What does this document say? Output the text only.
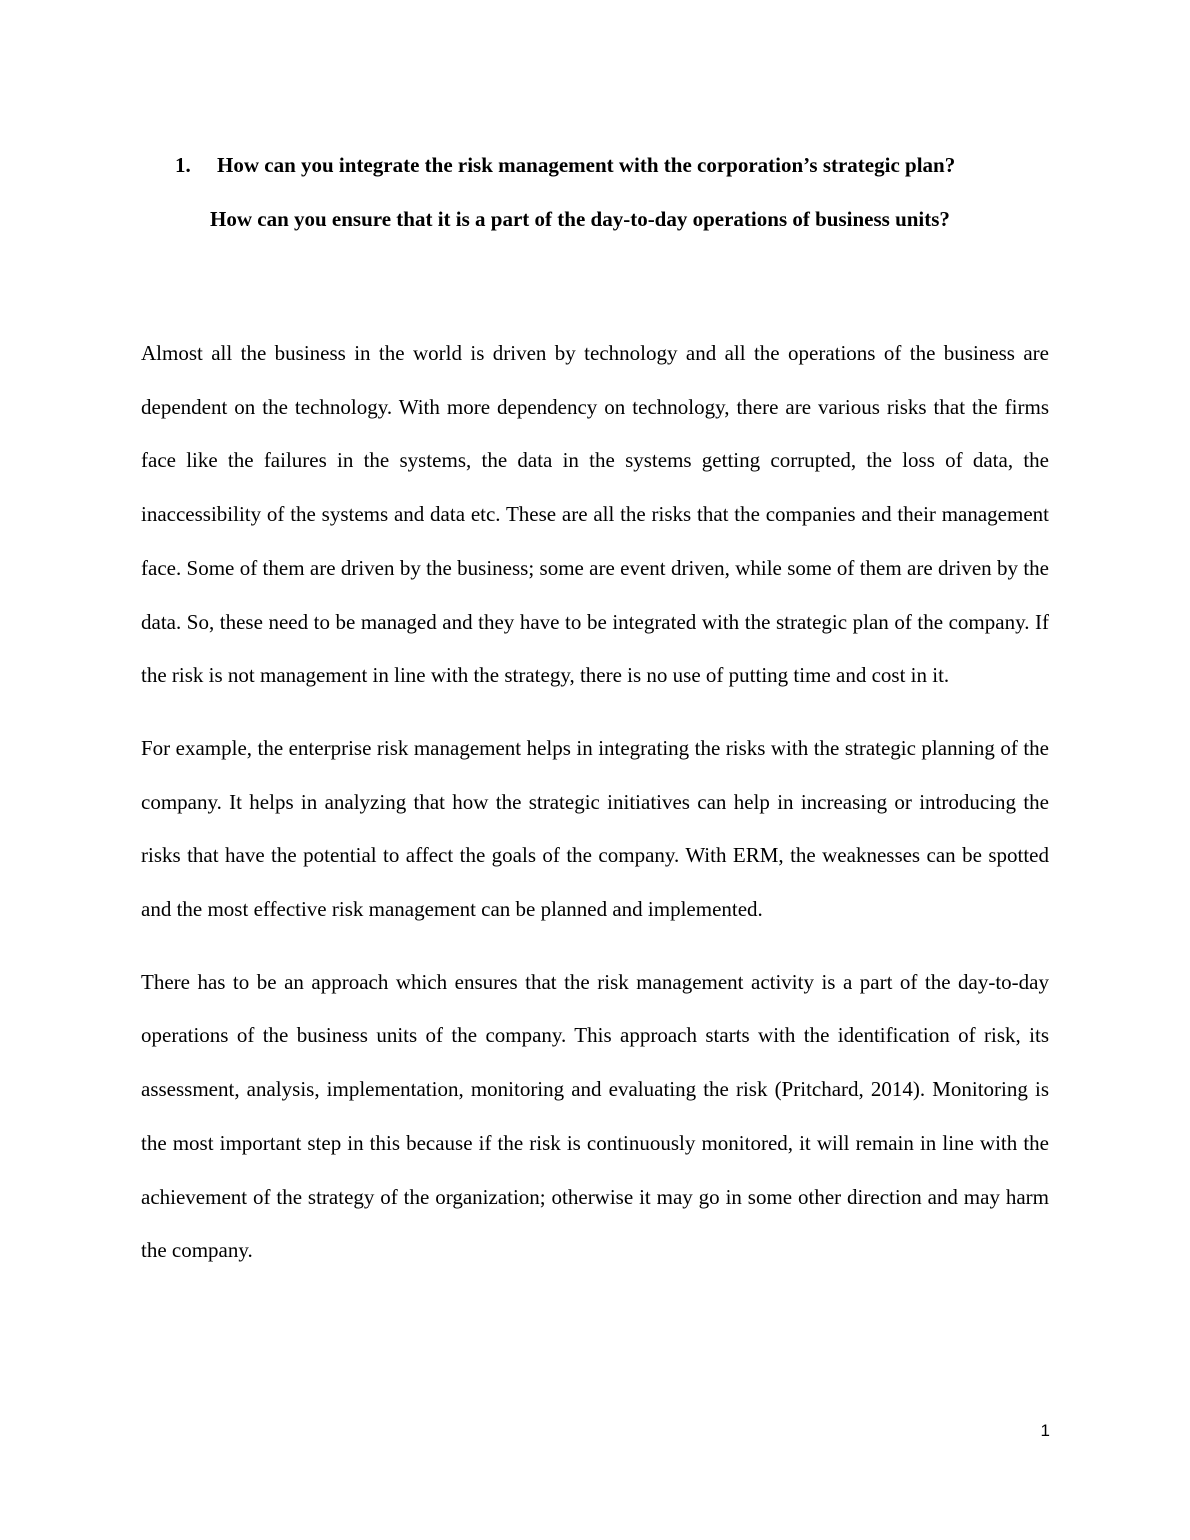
1.	How can you integrate the risk management with the corporation’s strategic plan?
How can you ensure that it is a part of the day-to-day operations of business units?

Almost all the business in the world is driven by technology and all the operations of the business are dependent on the technology. With more dependency on technology, there are various risks that the firms face like the failures in the systems, the data in the systems getting corrupted, the loss of data, the inaccessibility of the systems and data etc. These are all the risks that the companies and their management face. Some of them are driven by the business; some are event driven, while some of them are driven by the data. So, these need to be managed and they have to be integrated with the strategic plan of the company. If the risk is not management in line with the strategy, there is no use of putting time and cost in it.

For example, the enterprise risk management helps in integrating the risks with the strategic planning of the company. It helps in analyzing that how the strategic initiatives can help in increasing or introducing the risks that have the potential to affect the goals of the company. With ERM, the weaknesses can be spotted and the most effective risk management can be planned and implemented.

There has to be an approach which ensures that the risk management activity is a part of the day-to-day operations of the business units of the company. This approach starts with the identification of risk, its assessment, analysis, implementation, monitoring and evaluating the risk (Pritchard, 2014). Monitoring is the most important step in this because if the risk is continuously monitored, it will remain in line with the achievement of the strategy of the organization; otherwise it may go in some other direction and may harm the company.

1
